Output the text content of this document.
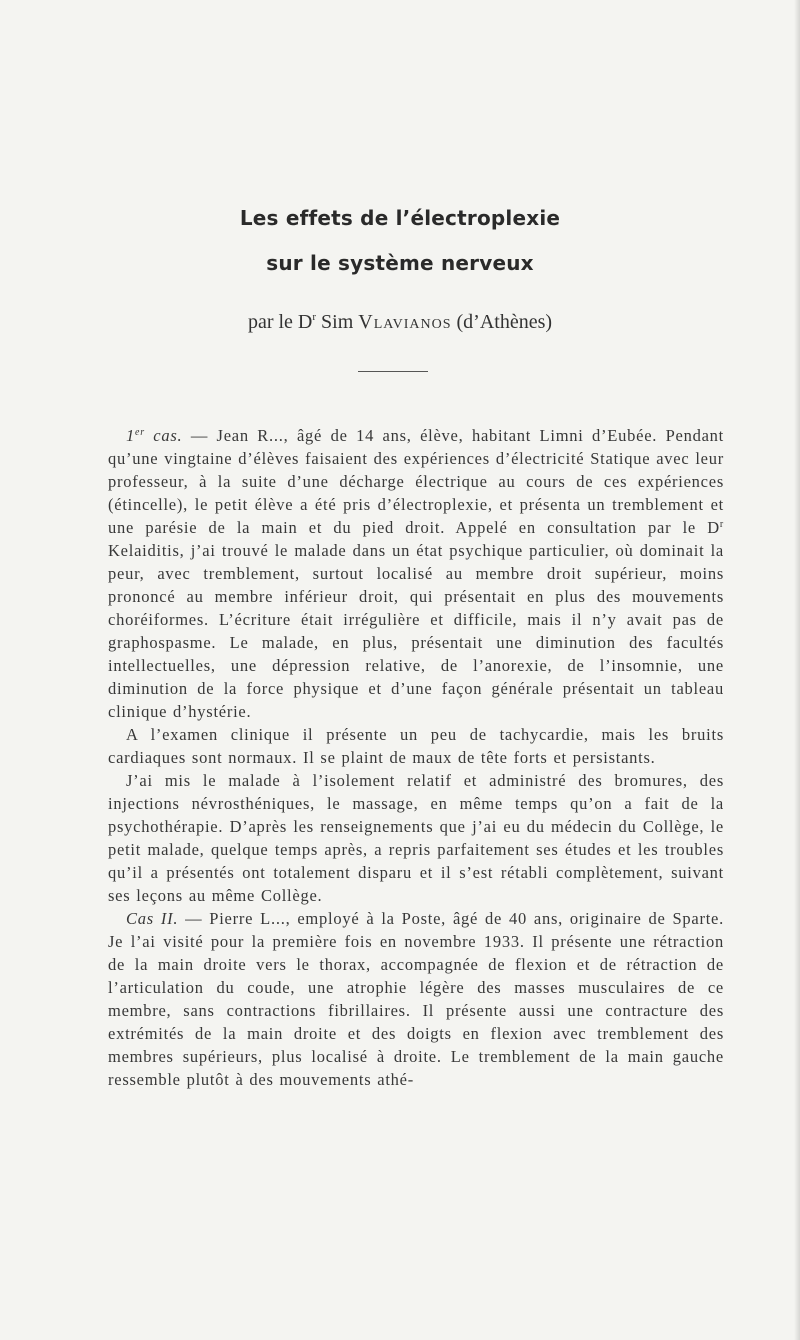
Les effets de l’électroplexie
sur le système nerveux

par le $D^r$ Sim Vlavianos (d’Athènes)

1er cas. — Jean R..., âgé de 14 ans, élève, habitant Limni d’Eubée. Pendant qu’une vingtaine d’élèves faisaient des expériences d’électricité Statique avec leur professeur, à la suite d’une décharge électrique au cours de ces expériences (étincelle), le petit élève a été pris d’électroplexie, et présenta un tremblement et une parésie de la main et du pied droit. Appelé en consultation par le $D^r$ Kelaiditis, j’ai trouvé le malade dans un état psychique particulier, où dominait la peur, avec tremblement, surtout localisé au membre droit supérieur, moins prononcé au membre inférieur droit, qui présentait en plus des mouvements choréiformes. L’écriture était irrégulière et difficile, mais il n’y avait pas de graphospasme. Le malade, en plus, présentait une diminution des facultés intellectuelles, une dépression relative, de l’anorexie, de l’insomnie, une diminution de la force physique et d’une façon générale présentait un tableau clinique d’hystérie.

A l’examen clinique il présente un peu de tachycardie, mais les bruits cardiaques sont normaux. Il se plaint de maux de tête forts et persistants.

J’ai mis le malade à l’isolement relatif et administré des bromures, des injections névrosthéniques, le massage, en même temps qu’on a fait de la psychothérapie. D’après les renseignements que j’ai eu du médecin du Collège, le petit malade, quelque temps après, a repris parfaitement ses études et les troubles qu’il a présentés ont totalement disparu et il s’est rétabli complètement, suivant ses leçons au même Collège.

Cas II. — Pierre L..., employé à la Poste, âgé de 40 ans, originaire de Sparte. Je l’ai visité pour la première fois en novembre 1933. Il présente une rétraction de la main droite vers le thorax, accompagnée de flexion et de rétraction de l’articulation du coude, une atrophie légère des masses musculaires de ce membre, sans contractions fibrillaires. Il présente aussi une contracture des extrémités de la main droite et des doigts en flexion avec tremblement des membres supérieurs, plus localisé à droite. Le tremblement de la main gauche ressemble plutôt à des mouvements athé-
